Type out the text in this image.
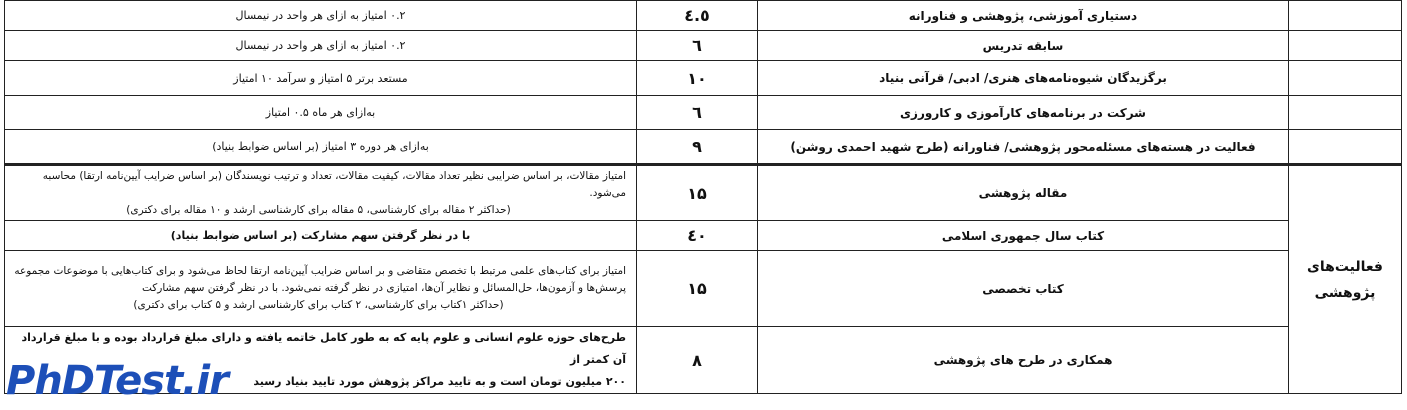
	دستیاری آموزشی، پژوهشی و فناورانه	٤.٥	۰.۲ امتیاز به ازای هر واحد در نیمسال

	سابقه تدریس	٦	۰.۲ امتیاز به ازای هر واحد در نیمسال

	برگزیدگان شیوه‌نامه‌های هنری/ ادبی/ قرآنی بنیاد	۱۰	مستعد برتر ۵ امتیاز و سرآمد ۱۰ امتیاز

	شرکت در برنامه‌های کارآموزی و کارورزی	٦	به‌ازای هر ماه ۰.۵ امتیاز

	فعالیت در هسته‌های مسئله‌محور پژوهشی/ فناورانه (طرح شهید احمدی روشن)	٩	به‌ازای هر دوره ۳ امتیاز (بر اساس ضوابط بنیاد)

فعالیت‌های
پژوهشی	مقاله پژوهشی	۱۵	امتیاز مقالات، بر اساس ضرایبی نظیر تعداد مقالات، کیفیت مقالات، تعداد و ترتیب نویسندگان (بر اساس ضرایب آیین‌نامه ارتقا) محاسبه می‌شود.
(حداکثر ۲ مقاله برای کارشناسی، ۵ مقاله برای کارشناسی ارشد و ۱۰ مقاله برای دکتری)

	کتاب سال جمهوری اسلامی	٤۰	با در نظر گرفتن سهم مشارکت (بر اساس ضوابط بنیاد)

	کتاب تخصصی	۱۵	امتیاز برای کتاب‌های علمی مرتبط با تخصص متقاضی و بر اساس ضرایب آیین‌نامه ارتقا لحاظ می‌شود و برای کتاب‌هایی با موضوعات مجموعه
پرسش‌ها و آزمون‌ها، حل‌المسائل و نظایر آن‌ها، امتیازی در نظر گرفته نمی‌شود. با در نظر گرفتن سهم مشارکت
(حداکثر ۱کتاب برای کارشناسی، ۲ کتاب برای کارشناسی ارشد و ۵ کتاب برای دکتری)

	همکاری در طرح های پژوهشی	٨	طرح‌های حوزه علوم انسانی و علوم پایه که به طور کامل خاتمه یافته و دارای مبلغ قرارداد بوده و با مبلغ قرارداد آن کمتر از
۲۰۰ میلیون تومان است و به تایید مراکز پژوهش مورد تایید بنیاد رسید
PhDTest.ir
